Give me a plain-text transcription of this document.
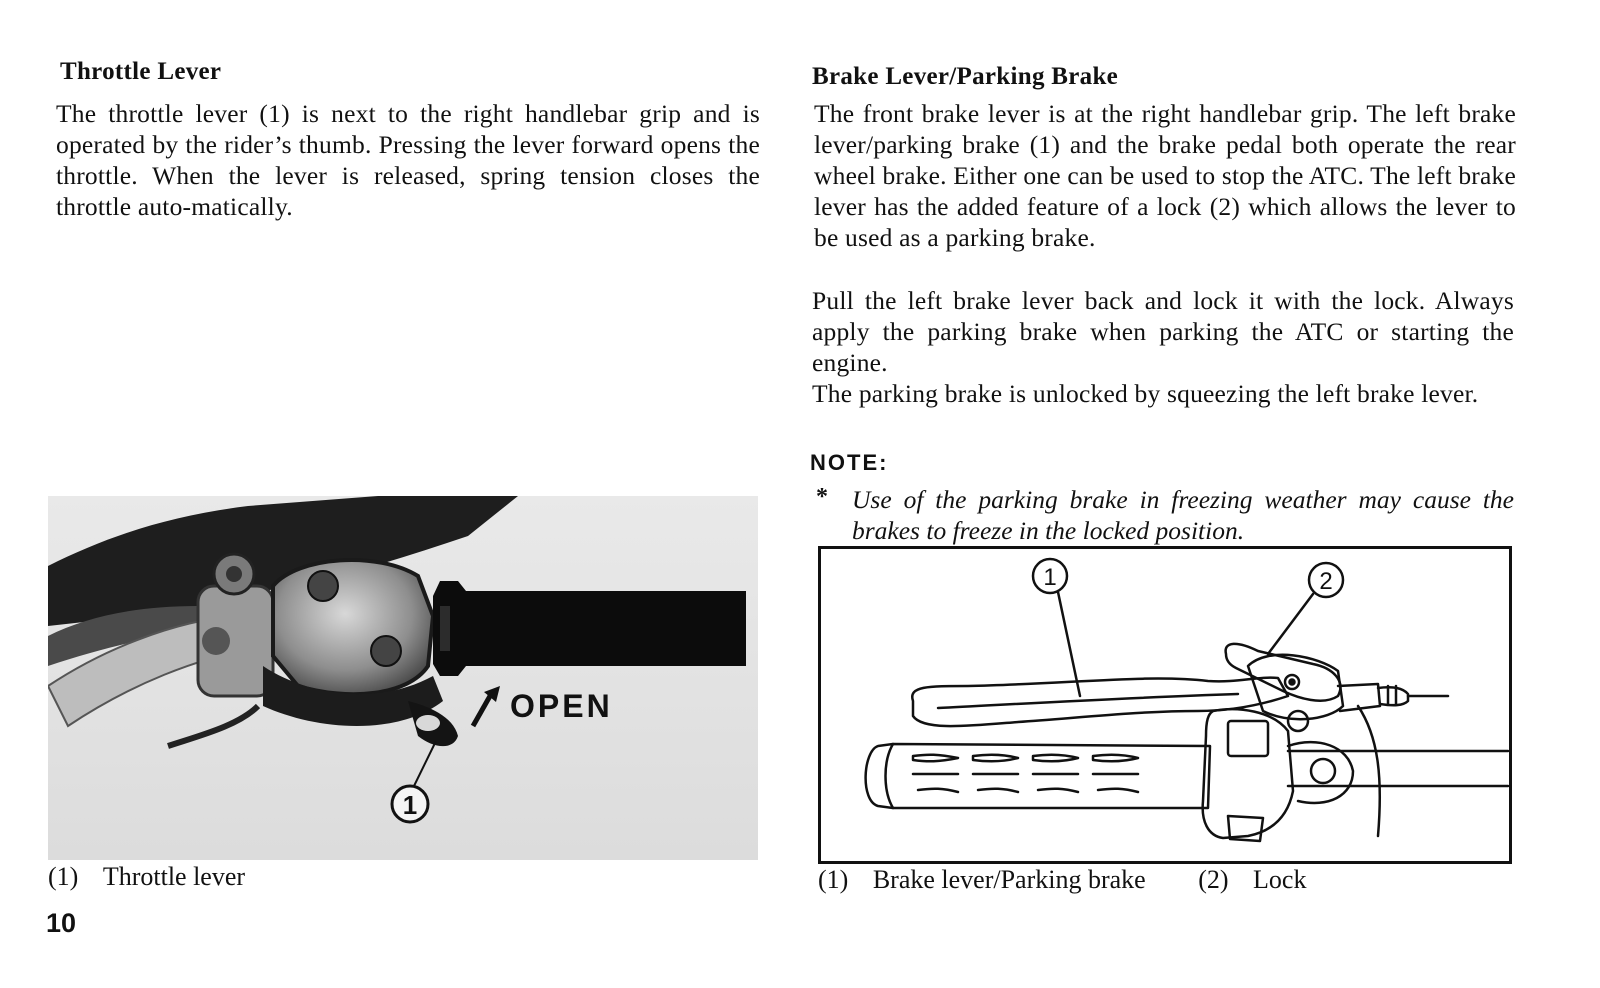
Throttle Lever
The throttle lever (1) is next to the right handlebar grip and is operated by the rider’s thumb. Pressing the lever forward opens the throttle. When the lever is released, spring tension closes the throttle auto-matically.
OPEN
1
(1) Throttle lever
10
Brake Lever/Parking Brake
The front brake lever is at the right handlebar grip. The left brake lever/parking brake (1) and the brake pedal both operate the rear wheel brake. Either one can be used to stop the ATC. The left brake lever has the added feature of a lock (2) which allows the lever to be used as a parking brake.
Pull the left brake lever back and lock it with the lock. Always apply the parking brake when parking the ATC or starting the engine.
The parking brake is unlocked by squeezing the left brake lever.
NOTE:
* Use of the parking brake in freezing weather may cause the brakes to freeze in the locked position.
1	2
(1) Brake lever/Parking brake (2) Lock
